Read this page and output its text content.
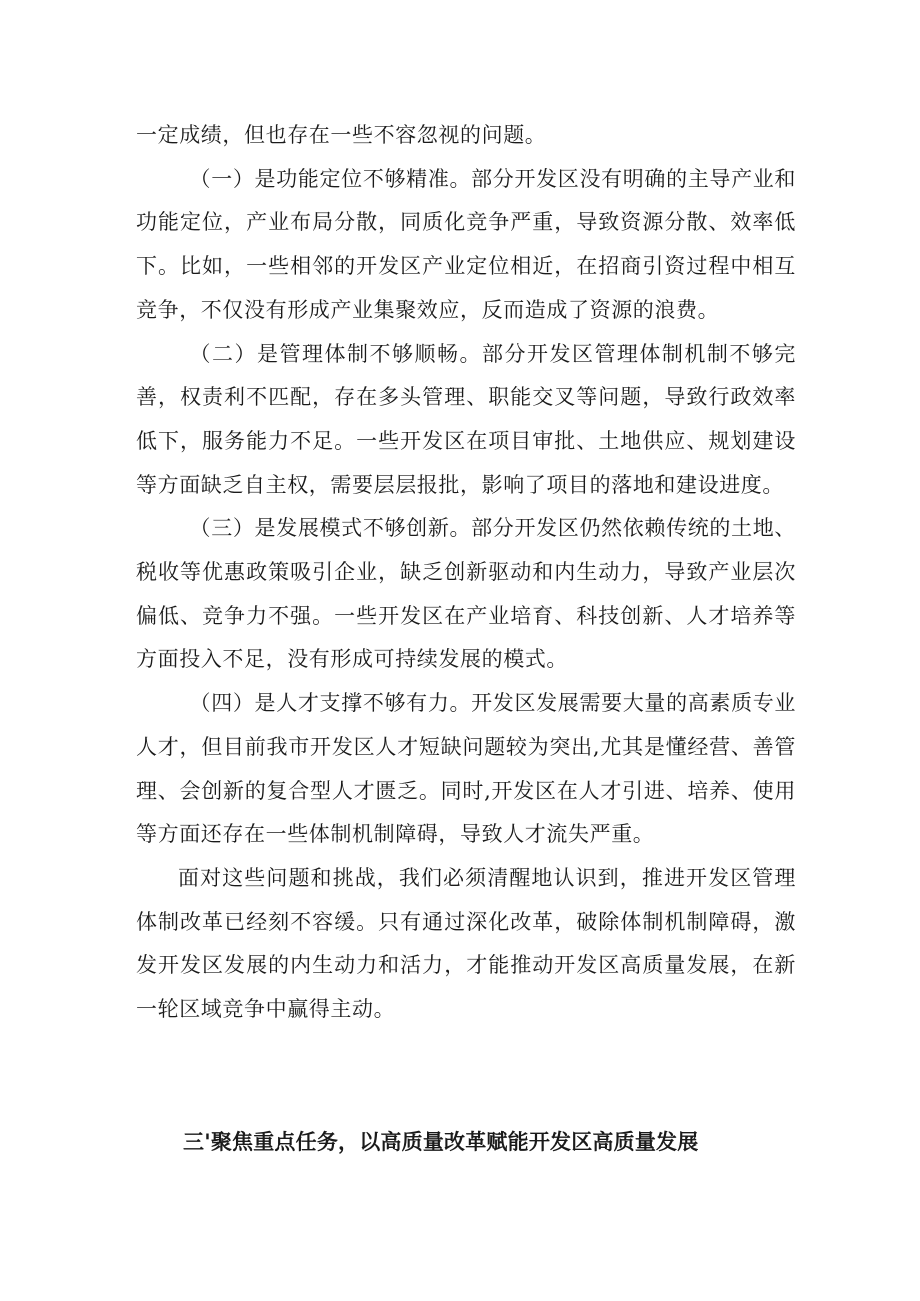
一定成绩，但也存在一些不容忽视的问题。

（一）是功能定位不够精准。部分开发区没有明确的主导产业和功能定位，产业布局分散，同质化竞争严重，导致资源分散、效率低下。比如，一些相邻的开发区产业定位相近，在招商引资过程中相互竞争，不仅没有形成产业集聚效应，反而造成了资源的浪费。

（二）是管理体制不够顺畅。部分开发区管理体制机制不够完善，权责利不匹配，存在多头管理、职能交叉等问题，导致行政效率低下，服务能力不足。一些开发区在项目审批、土地供应、规划建设等方面缺乏自主权，需要层层报批，影响了项目的落地和建设进度。

（三）是发展模式不够创新。部分开发区仍然依赖传统的土地、税收等优惠政策吸引企业，缺乏创新驱动和内生动力，导致产业层次偏低、竞争力不强。一些开发区在产业培育、科技创新、人才培养等方面投入不足，没有形成可持续发展的模式。

（四）是人才支撑不够有力。开发区发展需要大量的高素质专业人才，但目前我市开发区人才短缺问题较为突出,尤其是懂经营、善管理、会创新的复合型人才匮乏。同时,开发区在人才引进、培养、使用等方面还存在一些体制机制障碍，导致人才流失严重。

面对这些问题和挑战，我们必须清醒地认识到，推进开发区管理体制改革已经刻不容缓。只有通过深化改革，破除体制机制障碍，激发开发区发展的内生动力和活力，才能推动开发区高质量发展，在新一轮区域竞争中赢得主动。

三'聚焦重点任务，以高质量改革赋能开发区高质量发展
